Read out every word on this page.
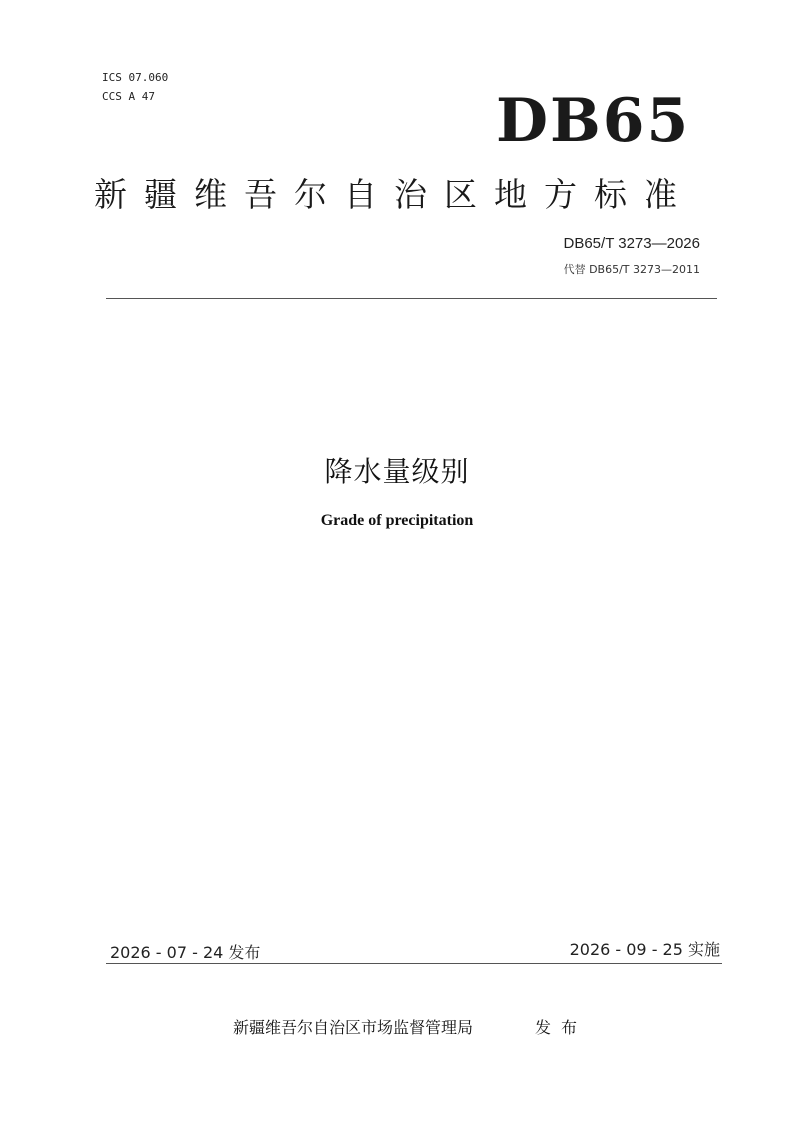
ICS 07.060
CCS A 47	DB65
新疆维吾尔自治区地方标准
DB65/T 3273—2026
代替 DB65/T 3273—2011
降水量级别
Grade of precipitation
2026 - 07 - 24 发布	2026 - 09 - 25 实施
新疆维吾尔自治区市场监督管理局	发布
